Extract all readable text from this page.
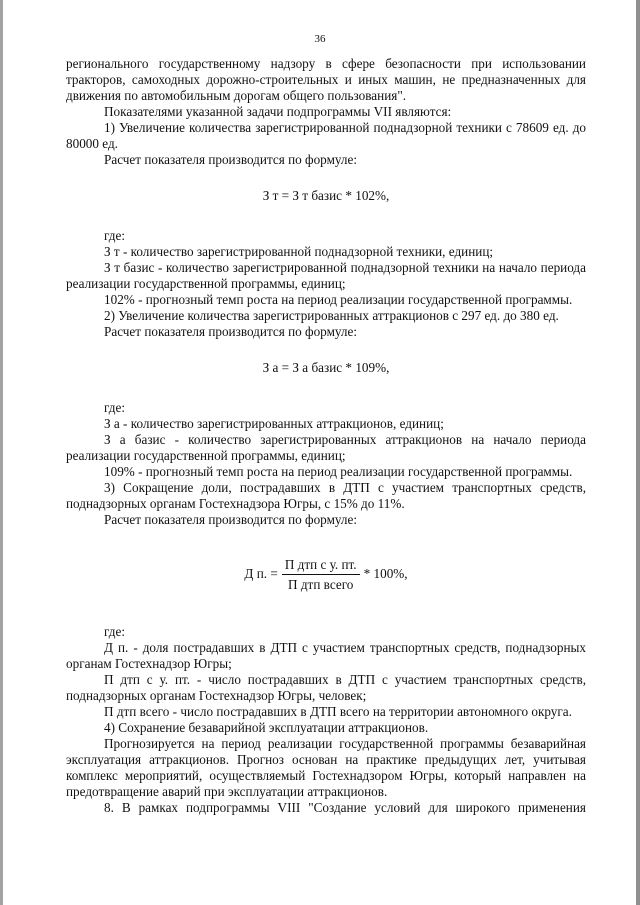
36

регионального государственному надзору в сфере безопасности при использовании тракторов, самоходных дорожно-строительных и иных машин, не предназначенных для движения по автомобильным дорогам общего пользования".

Показателями указанной задачи подпрограммы VII являются:

1) Увеличение количества зарегистрированной поднадзорной техники с 78609 ед. до 80000 ед.

Расчет показателя производится по формуле:

З т = З т базис * 102%,

где:

З т - количество зарегистрированной поднадзорной техники, единиц;

З т базис - количество зарегистрированной поднадзорной техники на начало периода реализации государственной программы, единиц;

102% - прогнозный темп роста на период реализации государственной программы.

2) Увеличение количества зарегистрированных аттракционов с 297 ед. до 380 ед.

Расчет показателя производится по формуле:

З а = З а базис * 109%,

где:

З а - количество зарегистрированных аттракционов, единиц;

З а базис - количество зарегистрированных аттракционов на начало периода реализации государственной программы, единиц;

109% - прогнозный темп роста на период реализации государственной программы.

3) Сокращение доли, пострадавших в ДТП с участием транспортных средств, поднадзорных органам Гостехнадзора Югры, с 15% до 11%.

Расчет показателя производится по формуле:

Д п. = $\frac{\text{П дтп с у. пт.}}{\text{П дтп всего}} * 100\%$,

где:

Д п. - доля пострадавших в ДТП с участием транспортных средств, поднадзорных органам Гостехнадзор Югры;

П дтп с у. пт. - число пострадавших в ДТП с участием транспортных средств, поднадзорных органам Гостехнадзор Югры, человек;

П дтп всего - число пострадавших в ДТП всего на территории автономного округа.

4) Сохранение безаварийной эксплуатации аттракционов.

Прогнозируется на период реализации государственной программы безаварийная эксплуатация аттракционов. Прогноз основан на практике предыдущих лет, учитывая комплекс мероприятий, осуществляемый Гостехнадзором Югры, который направлен на предотвращение аварий при эксплуатации аттракционов.

8. В рамках подпрограммы VIII "Создание условий для широкого применения
